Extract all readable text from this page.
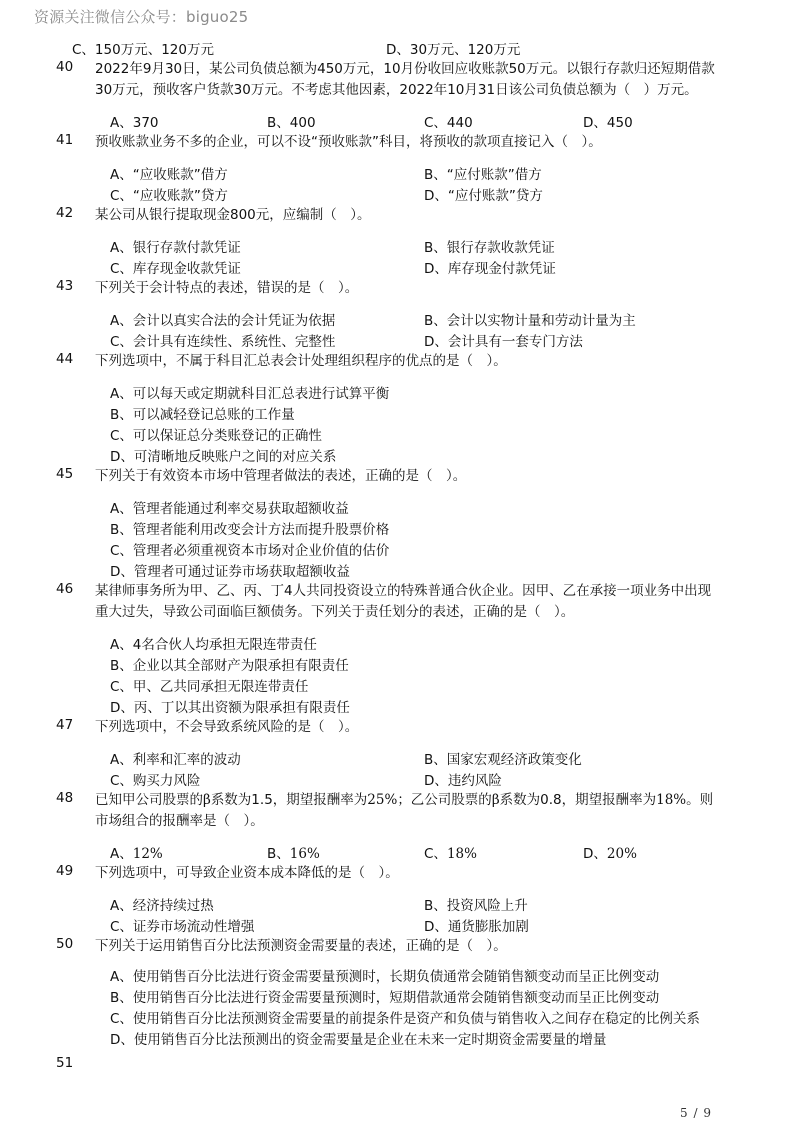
资源关注微信公众号：biguo25
C、150万元、120万元	D、30万元、120万元
40 2022年9月30日，某公司负债总额为450万元，10月份收回应收账款50万元。以银行存款归还短期借款30万元，预收客户货款30万元。不考虑其他因素，2022年10月31日该公司负债总额为（　）万元。
A、370	B、400	C、440	D、450
41 预收账款业务不多的企业，可以不设“预收账款”科目，将预收的款项直接记入（　）。
A、“应收账款”借方	B、“应付账款”借方
C、“应收账款”贷方	D、“应付账款”贷方
42 某公司从银行提取现金800元，应编制（　）。
A、银行存款付款凭证	B、银行存款收款凭证
C、库存现金收款凭证	D、库存现金付款凭证
43 下列关于会计特点的表述，错误的是（　）。
A、会计以真实合法的会计凭证为依据	B、会计以实物计量和劳动计量为主
C、会计具有连续性、系统性、完整性	D、会计具有一套专门方法
44 下列选项中，不属于科目汇总表会计处理组织程序的优点的是（　）。
A、可以每天或定期就科目汇总表进行试算平衡
B、可以减轻登记总账的工作量
C、可以保证总分类账登记的正确性
D、可清晰地反映账户之间的对应关系
45 下列关于有效资本市场中管理者做法的表述，正确的是（　）。
A、管理者能通过利率交易获取超额收益
B、管理者能利用改变会计方法而提升股票价格
C、管理者必须重视资本市场对企业价值的估价
D、管理者可通过证券市场获取超额收益
46 某律师事务所为甲、乙、丙、丁4人共同投资设立的特殊普通合伙企业。因甲、乙在承接一项业务中出现重大过失，导致公司面临巨额债务。下列关于责任划分的表述，正确的是（　）。
A、4名合伙人均承担无限连带责任
B、企业以其全部财产为限承担有限责任
C、甲、乙共同承担无限连带责任
D、丙、丁以其出资额为限承担有限责任
47 下列选项中，不会导致系统风险的是（　）。
A、利率和汇率的波动	B、国家宏观经济政策变化
C、购买力风险	D、违约风险
48 已知甲公司股票的β系数为1.5，期望报酬率为25%；乙公司股票的β系数为0.8，期望报酬率为18%。则市场组合的报酬率是（　）。
A、12%	B、16%	C、18%	D、20%
49 下列选项中，可导致企业资本成本降低的是（　）。
A、经济持续过热	B、投资风险上升
C、证券市场流动性增强	D、通货膨胀加剧
50 下列关于运用销售百分比法预测资金需要量的表述，正确的是（　）。
A、使用销售百分比法进行资金需要量预测时，长期负债通常会随销售额变动而呈正比例变动
B、使用销售百分比法进行资金需要量预测时，短期借款通常会随销售额变动而呈正比例变动
C、使用销售百分比法预测资金需要量的前提条件是资产和负债与销售收入之间存在稳定的比例关系
D、使用销售百分比法预测出的资金需要量是企业在未来一定时期资金需要量的增量
51
5 / 9
